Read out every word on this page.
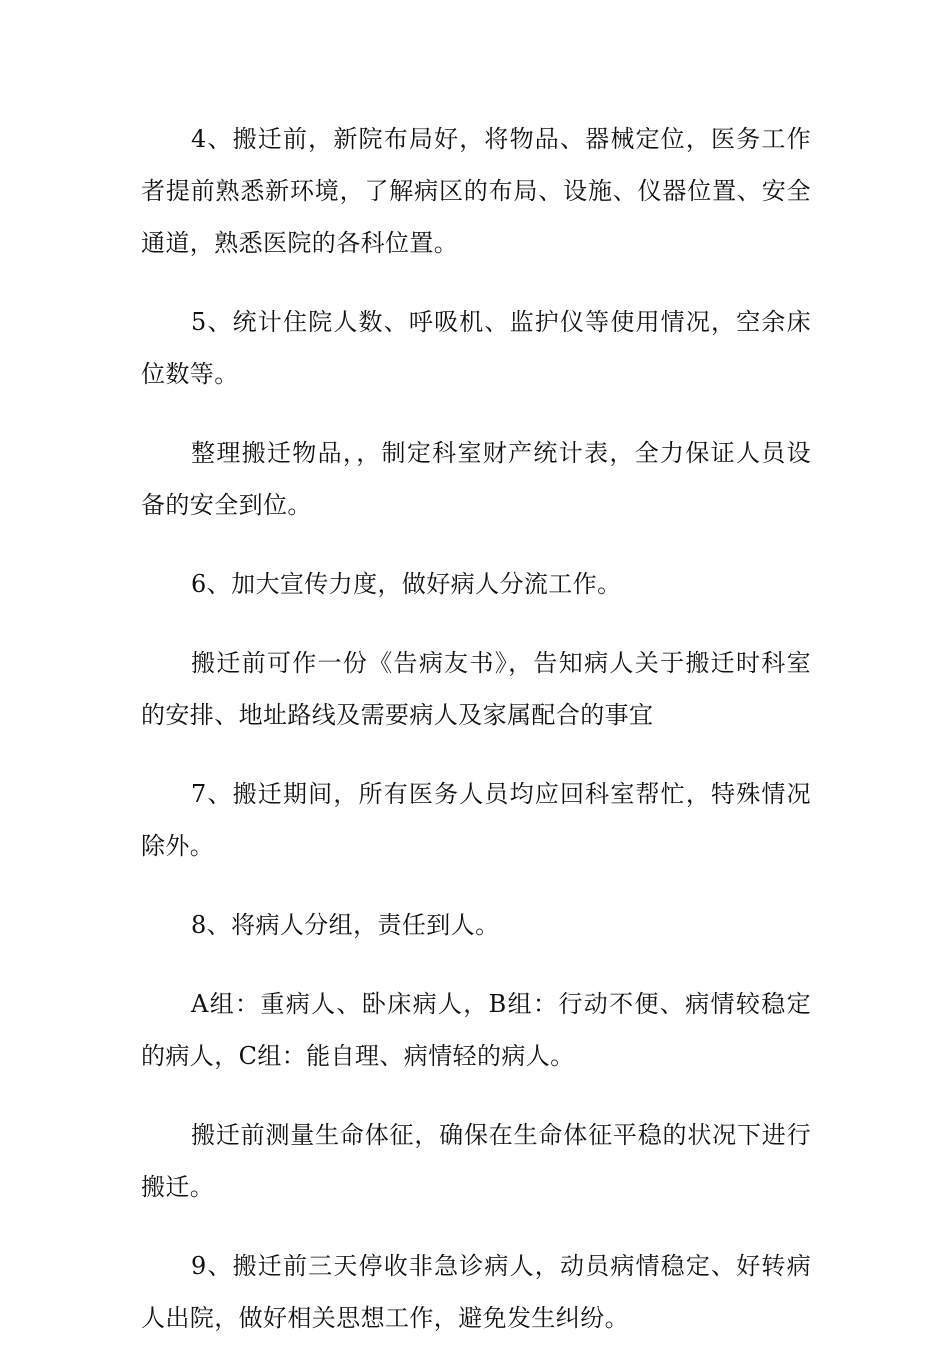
4、搬迁前，新院布局好，将物品、器械定位，医务工作者提前熟悉新环境，了解病区的布局、设施、仪器位置、安全通道，熟悉医院的各科位置。

5、统计住院人数、呼吸机、监护仪等使用情况，空余床位数等。

整理搬迁物品，，制定科室财产统计表，全力保证人员设备的安全到位。

6、加大宣传力度，做好病人分流工作。

搬迁前可作一份《告病友书》，告知病人关于搬迁时科室的安排、地址路线及需要病人及家属配合的事宜

7、搬迁期间，所有医务人员均应回科室帮忙，特殊情况除外。

8、将病人分组，责任到人。

A组：重病人、卧床病人，B组：行动不便、病情较稳定的病人，C组：能自理、病情轻的病人。

搬迁前测量生命体征，确保在生命体征平稳的状况下进行搬迁。

9、搬迁前三天停收非急诊病人，动员病情稳定、好转病人出院，做好相关思想工作，避免发生纠纷。
